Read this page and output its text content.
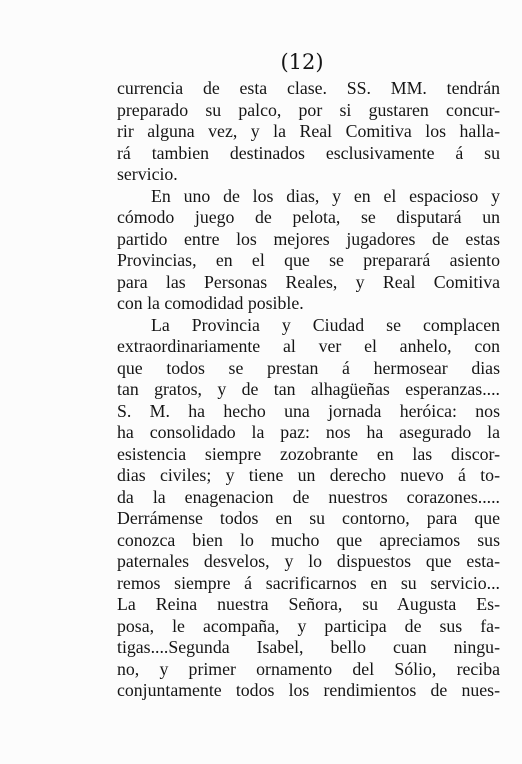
(12)
currencia de esta clase. SS. MM. tendrán
preparado su palco, por si gustaren concur-
rir alguna vez, y la Real Comitiva los halla-
rá tambien destinados esclusivamente á su
servicio.
En uno de los dias, y en el espacioso y
cómodo juego de pelota, se disputará un
partido entre los mejores jugadores de estas
Provincias, en el que se preparará asiento
para las Personas Reales, y Real Comitiva
con la comodidad posible.
La Provincia y Ciudad se complacen
extraordinariamente al ver el anhelo, con
que todos se prestan á hermosear dias
tan gratos, y de tan alhagüeñas esperanzas....
S. M. ha hecho una jornada heróica: nos
ha consolidado la paz: nos ha asegurado la
esistencia siempre zozobrante en las discor-
dias civiles; y tiene un derecho nuevo á to-
da la enagenacion de nuestros corazones.....
Derrámense todos en su contorno, para que
conozca bien lo mucho que apreciamos sus
paternales desvelos, y lo dispuestos que esta-
remos siempre á sacrificarnos en su servicio...
La Reina nuestra Señora, su Augusta Es-
posa, le acompaña, y participa de sus fa-
tigas....Segunda Isabel, bello cuan ningu-
no, y primer ornamento del Sólio, reciba
conjuntamente todos los rendimientos de nues-
